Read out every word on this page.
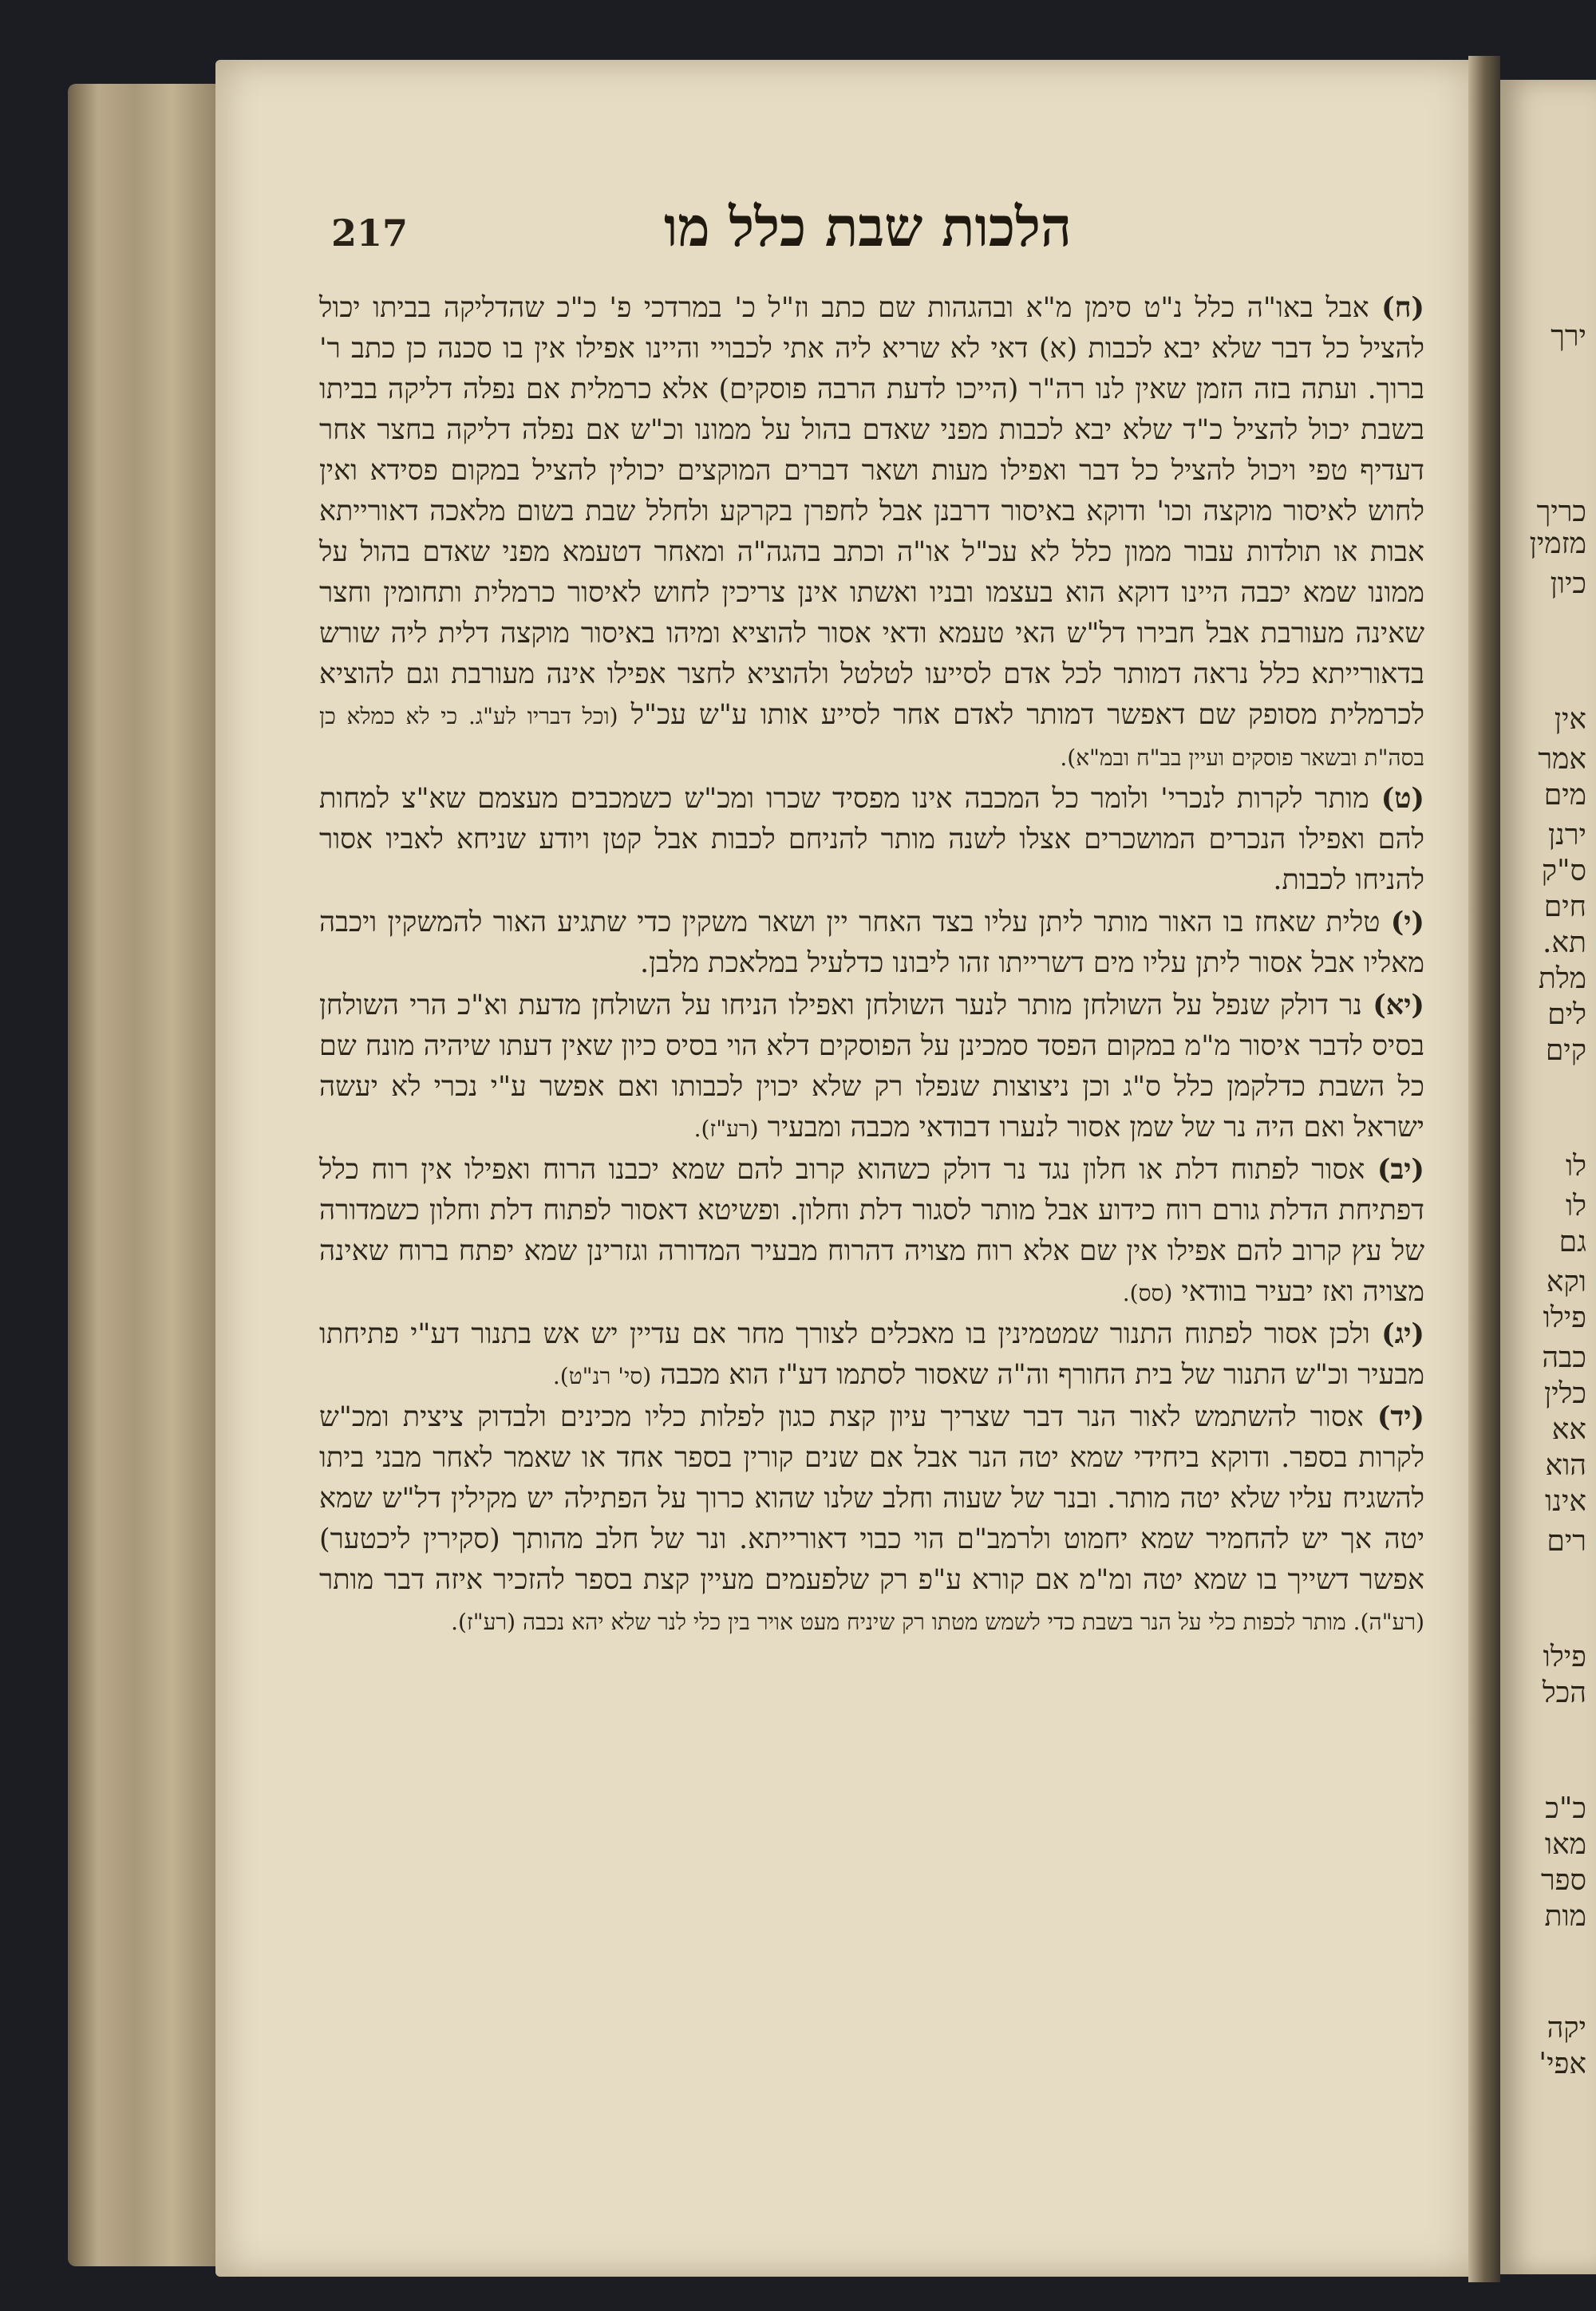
ירך
כריך
מזמין
כיון
אין
אמר
מים
ירנן
ס"ק
חים
תא.
מלת
לים
קים
לו
לו
גם
וקא
פילו
כבה
כלין
אא
הוא
אינו
רים
פילו
הכל
כ"כ
מאו
ספר
מות
יקה
אפי'
217	הלכות שבת כלל מו

(ח) אבל באו"ה כלל נ"ט סימן מ"א ובהגהות שם כתב וז"ל כ' במרדכי פ' כ"כ שהדליקה בביתו יכול להציל כל דבר שלא יבא לכבות (א) דאי לא שריא ליה אתי לכבויי והיינו אפילו אין בו סכנה כן כתב ר' ברוך. ועתה בזה הזמן שאין לנו רה"ר (הייכו לדעת הרבה פוסקים) אלא כרמלית אם נפלה דליקה בביתו בשבת יכול להציל כ"ד שלא יבא לכבות מפני שאדם בהול על ממונו וכ"ש אם נפלה דליקה בחצר אחר דעדיף טפי ויכול להציל כל דבר ואפילו מעות ושאר דברים המוקצים יכולין להציל במקום פסידא ואין לחוש לאיסור מוקצה וכו' ודוקא באיסור דרבנן אבל לחפרן בקרקע ולחלל שבת בשום מלאכה דאורייתא אבות או תולדות עבור ממון כלל לא עכ"ל או"ה וכתב בהגה"ה ומאחר דטעמא מפני שאדם בהול על ממונו שמא יכבה היינו דוקא הוא בעצמו ובניו ואשתו אינן צריכין לחוש לאיסור כרמלית ותחומין וחצר שאינה מעורבת אבל חבירו דל"ש האי טעמא ודאי אסור להוציא ומיהו באיסור מוקצה דלית ליה שורש בדאורייתא כלל נראה דמותר לכל אדם לסייעו לטלטל ולהוציא לחצר אפילו אינה מעורבת וגם להוציא לכרמלית מסופק שם דאפשר דמותר לאדם אחר לסייע אותו ע"ש עכ"ל (וכל דבריו לע"ג. כי לא כמלא כן בסה"ת ובשאר פוסקים ועיין בב"ח ובמ"א).

(ט) מותר לקרות לנכרי' ולומר כל המכבה אינו מפסיד שכרו ומכ"ש כשמכבים מעצמם שא"צ למחות להם ואפילו הנכרים המושכרים אצלו לשנה מותר להניחם לכבות אבל קטן ויודע שניחא לאביו אסור להניחו לכבות.

(י) טלית שאחז בו האור מותר ליתן עליו בצד האחר יין ושאר משקין כדי שתגיע האור להמשקין ויכבה מאליו אבל אסור ליתן עליו מים דשרייתו זהו ליבונו כדלעיל במלאכת מלבן.

(יא) נר דולק שנפל על השולחן מותר לנער השולחן ואפילו הניחו על השולחן מדעת וא"כ הרי השולחן בסיס לדבר איסור מ"מ במקום הפסד סמכינן על הפוסקים דלא הוי בסיס כיון שאין דעתו שיהיה מונח שם כל השבת כדלקמן כלל ס"ג וכן ניצוצות שנפלו רק שלא יכוין לכבותו ואם אפשר ע"י נכרי לא יעשה ישראל ואם היה נר של שמן אסור לנערו דבודאי מכבה ומבעיר (רע"ז).

(יב) אסור לפתוח דלת או חלון נגד נר דולק כשהוא קרוב להם שמא יכבנו הרוח ואפילו אין רוח כלל דפתיחת הדלת גורם רוח כידוע אבל מותר לסגור דלת וחלון. ופשיטא דאסור לפתוח דלת וחלון כשמדורה של עץ קרוב להם אפילו אין שם אלא רוח מצויה דהרוח מבעיר המדורה וגזרינן שמא יפתח ברוח שאינה מצויה ואז יבעיר בוודאי (סס).

(יג) ולכן אסור לפתוח התנור שמטמינין בו מאכלים לצורך מחר אם עדיין יש אש בתנור דע"י פתיחתו מבעיר וכ"ש התנור של בית החורף וה"ה שאסור לסתמו דע"ז הוא מכבה (סי' רנ"ט).

(יד) אסור להשתמש לאור הנר דבר שצריך עיון קצת כגון לפלות כליו מכינים ולבדוק ציצית ומכ"ש לקרות בספר. ודוקא ביחידי שמא יטה הנר אבל אם שנים קורין בספר אחד או שאמר לאחר מבני ביתו להשגיח עליו שלא יטה מותר. ובנר של שעוה וחלב שלנו שהוא כרוך על הפתילה יש מקילין דל"ש שמא יטה אך יש להחמיר שמא יחמוט ולרמב"ם הוי כבוי דאורייתא. ונר של חלב מהותך (סקירין ליכטער) אפשר דשייך בו שמא יטה ומ"מ אם קורא ע"פ רק שלפעמים מעיין קצת בספר להזכיר איזה דבר מותר (רע"ה). מותר לכפות כלי על הנר בשבת כדי לשמש מטתו רק שיניח מעט אויר בין כלי לנר שלא יהא נכבה (רע"ז).
